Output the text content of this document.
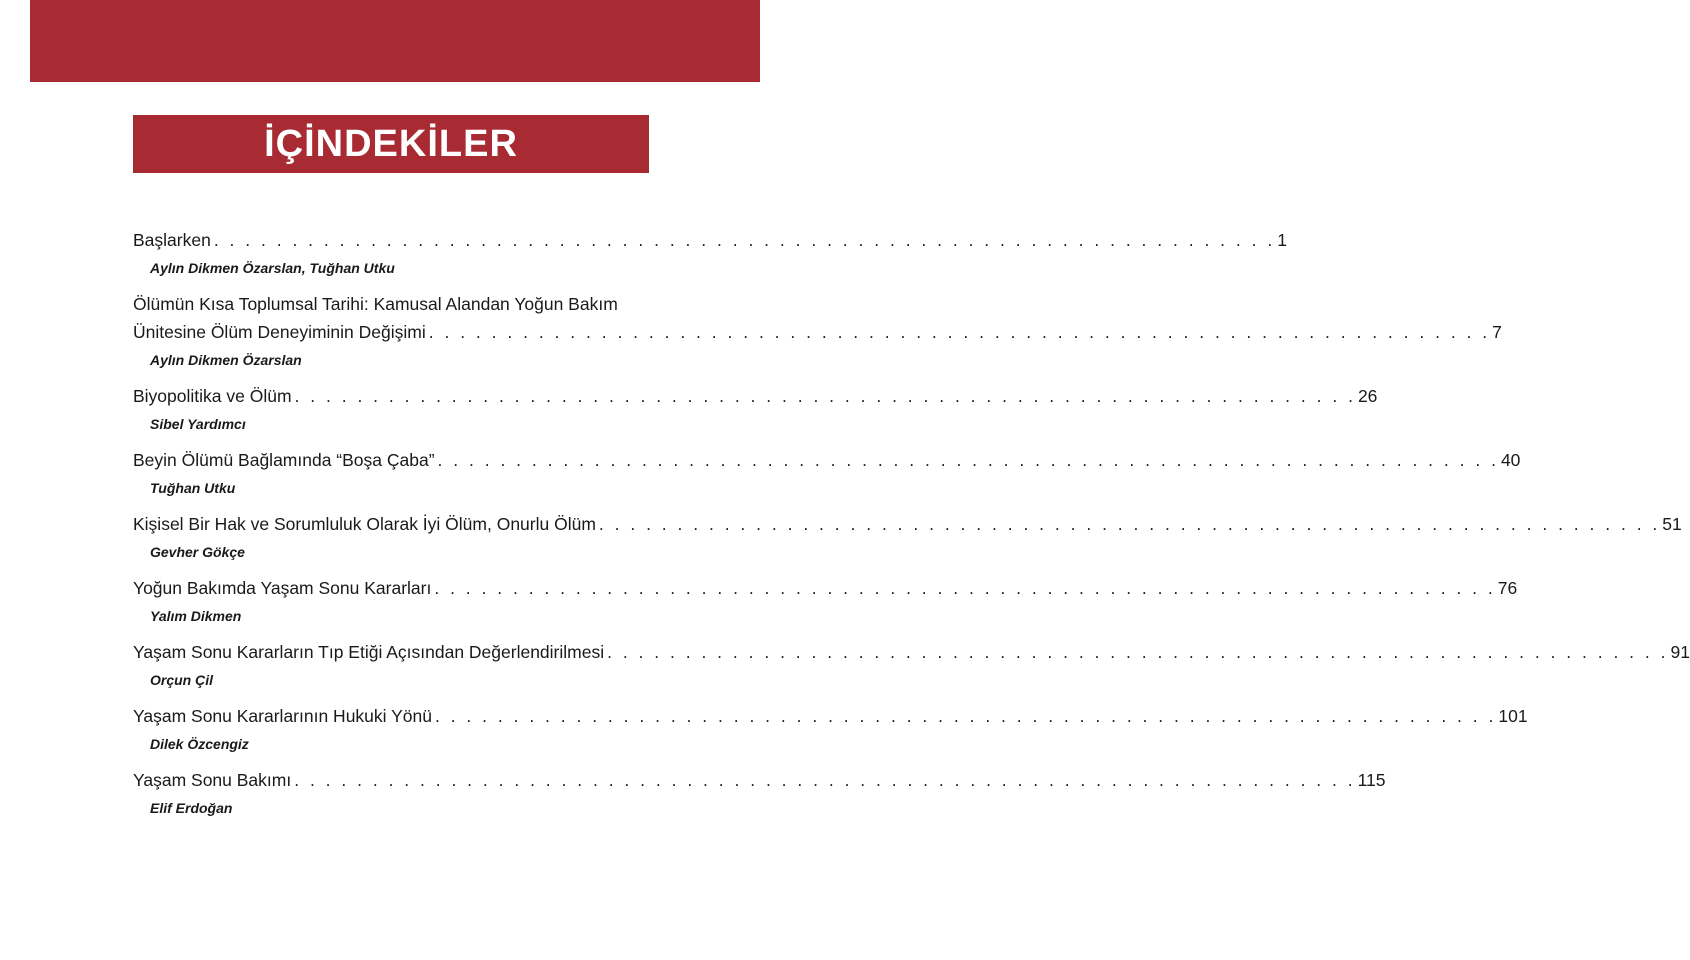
İÇİNDEKİLER
Başlarken . . . . . . . . . . . . . . . . . . . . . . . . . . . . . . . . . . . . . . . . . . . . . . . . . . . . . . . . . . . . . . . . . . . . 1
Aylın Dikmen Özarslan, Tuğhan Utku
Ölümün Kısa Toplumsal Tarihi: Kamusal Alandan Yoğun Bakım
Ünitesine Ölüm Deneyiminin Değişimi . . . . . . . . . . . . . . . . . . . . . . . . . . . . . . . . . . . . . . . . . . . . . . . . . . . . . . . . . . . . . . . . . . . . 7
Aylın Dikmen Özarslan
Biyopolitika ve Ölüm . . . . . . . . . . . . . . . . . . . . . . . . . . . . . . . . . . . . . . . . . . . . . . . . . . . . . . . . . . . . . . . . . . . . 26
Sibel Yardımcı
Beyin Ölümü Bağlamında “Boşa Çaba” . . . . . . . . . . . . . . . . . . . . . . . . . . . . . . . . . . . . . . . . . . . . . . . . . . . . . . . . . . . . . . . . . . . . 40
Tuğhan Utku
Kişisel Bir Hak ve Sorumluluk Olarak İyi Ölüm, Onurlu Ölüm . . . . . . . . . . . . . . . . . . . . . . . . . . . . . . . . . . . . . . . . . . . . . . . . . . . . . . . . . . . . . . . . . . . . 51
Gevher Gökçe
Yoğun Bakımda Yaşam Sonu Kararları . . . . . . . . . . . . . . . . . . . . . . . . . . . . . . . . . . . . . . . . . . . . . . . . . . . . . . . . . . . . . . . . . . . . 76
Yalım Dikmen
Yaşam Sonu Kararların Tıp Etiği Açısından Değerlendirilmesi . . . . . . . . . . . . . . . . . . . . . . . . . . . . . . . . . . . . . . . . . . . . . . . . . . . . . . . . . . . . . . . . . . . . 91
Orçun Çil
Yaşam Sonu Kararlarının Hukuki Yönü . . . . . . . . . . . . . . . . . . . . . . . . . . . . . . . . . . . . . . . . . . . . . . . . . . . . . . . . . . . . . . . . . . . . 101
Dilek Özcengiz
Yaşam Sonu Bakımı . . . . . . . . . . . . . . . . . . . . . . . . . . . . . . . . . . . . . . . . . . . . . . . . . . . . . . . . . . . . . . . . . . . . 115
Elif Erdoğan
